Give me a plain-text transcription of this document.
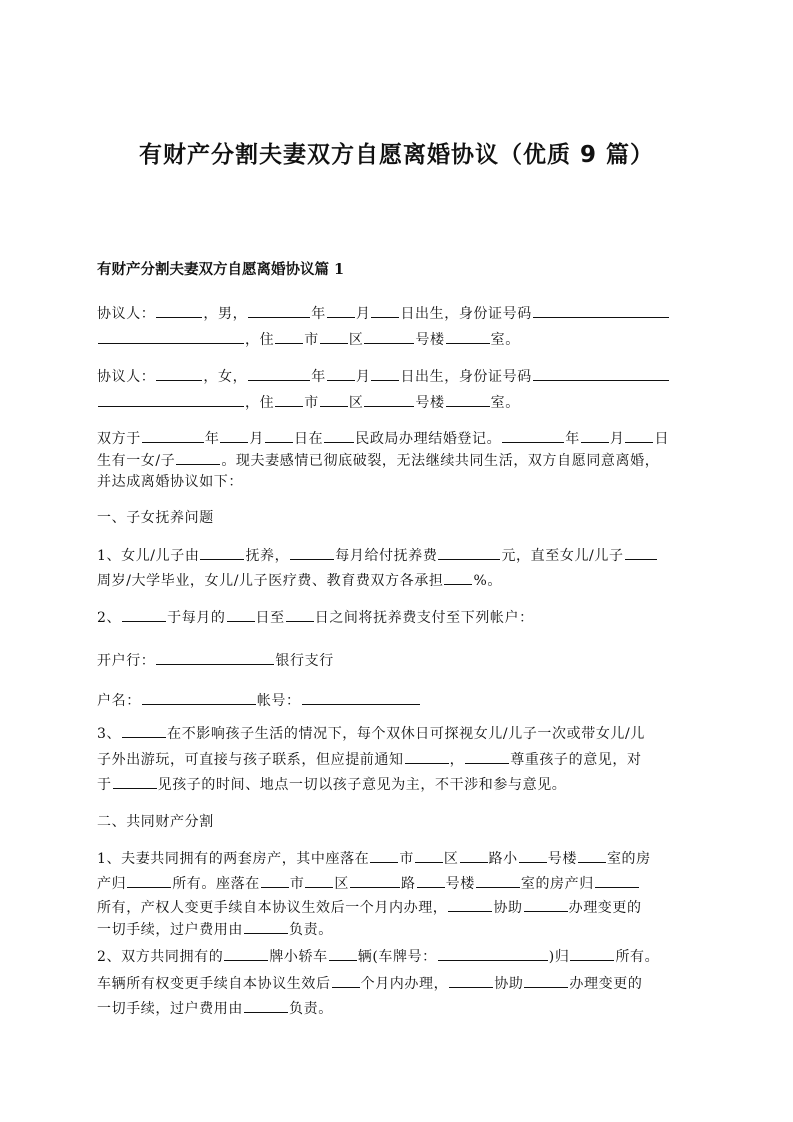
有财产分割夫妻双方自愿离婚协议（优质 9 篇）
有财产分割夫妻双方自愿离婚协议篇 1
协议人：	，男，	年 月 日出生，身份证号码
，住 市 区	号楼	室。
协议人：	，女，	年 月 日出生，身份证号码
，住 市 区	号楼	室。
双方于	年 月 日在 民政局办理结婚登记。	年 月 日
生有一女/子	。现夫妻感情已彻底破裂，无法继续共同生活，双方自愿同意离婚，
并达成离婚协议如下：
一、子女抚养问题
1、女儿/儿子由	抚养，	每月给付抚养费	元，直至女儿/儿子
周岁/大学毕业，女儿/儿子医疗费、教育费双方各承担 %。
2、	于每月的 日至 日之间将抚养费支付至下列帐户：
开户行：	银行支行
户名：	帐号：
3、	在不影响孩子生活的情况下，每个双休日可探视女儿/儿子一次或带女儿/儿
子外出游玩，可直接与孩子联系，但应提前通知	，	尊重孩子的意见，对
于	见孩子的时间、地点一切以孩子意见为主，不干涉和参与意见。
二、共同财产分割
1、夫妻共同拥有的两套房产，其中座落在 市 区 路小 号楼 室的房
产归	所有。座落在 市 区	路 号楼	室的房产归
所有，产权人变更手续自本协议生效后一个月内办理，	协助	办理变更的
一切手续，过户费用由	负责。
2、双方共同拥有的	牌小轿车 辆(车牌号：	)归	所有。
车辆所有权变更手续自本协议生效后 个月内办理，	协助	办理变更的
一切手续，过户费用由	负责。
